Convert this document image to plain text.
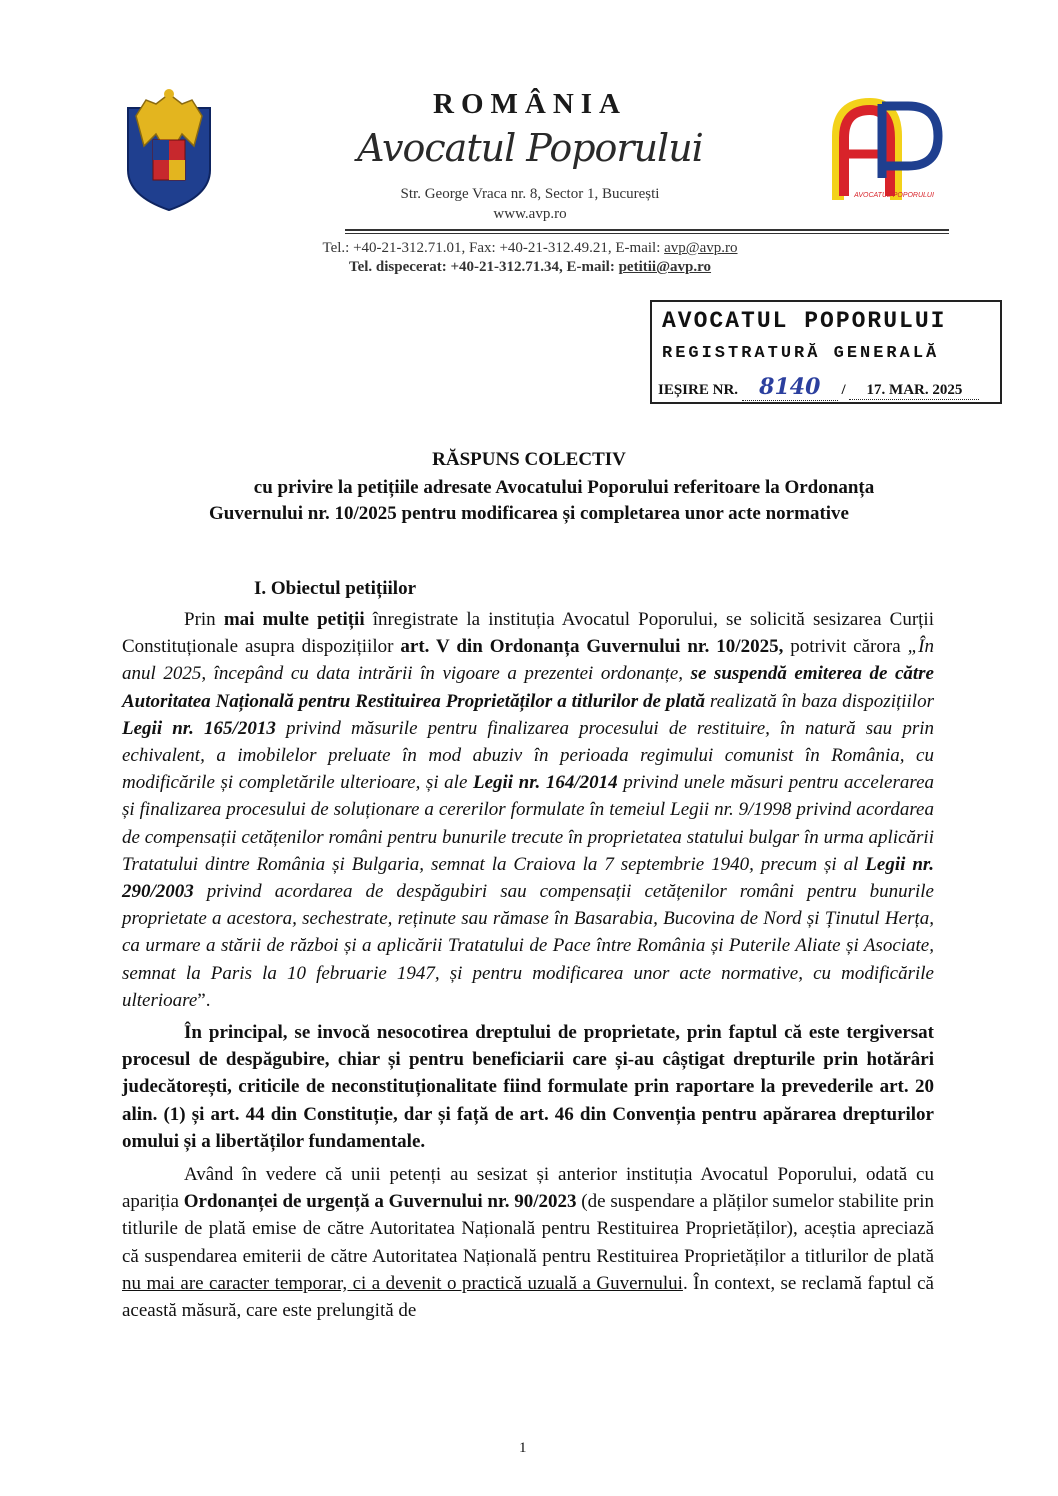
ROMÂNIA
Avocatul Poporului
Str. George Vraca nr. 8, Sector 1, București
www.avp.ro
AVOCATUL POPORULUI
Tel.: +40-21-312.71.01, Fax: +40-21-312.49.21, E-mail: avp@avp.ro
Tel. dispecerat: +40-21-312.71.34, E-mail: petitii@avp.ro
AVOCATUL POPORULUI
REGISTRATURĂ GENERALĂ
IEȘIRE NR. 8140 / 17. MAR. 2025
RĂSPUNS COLECTIV
cu privire la petițiile adresate Avocatului Poporului referitoare la Ordonanța
Guvernului nr. 10/2025 pentru modificarea și completarea unor acte normative
I. Obiectul petițiilor

Prin mai multe petiții înregistrate la instituția Avocatul Poporului, se solicită sesizarea Curții Constituționale asupra dispozițiilor art. V din Ordonanța Guvernului nr. 10/2025, potrivit cărora „În anul 2025, începând cu data intrării în vigoare a prezentei ordonanțe, se suspendă emiterea de către Autoritatea Națională pentru Restituirea Proprietăților a titlurilor de plată realizată în baza dispozițiilor Legii nr. 165/2013 privind măsurile pentru finalizarea procesului de restituire, în natură sau prin echivalent, a imobilelor preluate în mod abuziv în perioada regimului comunist în România, cu modificările și completările ulterioare, și ale Legii nr. 164/2014 privind unele măsuri pentru accelerarea și finalizarea procesului de soluționare a cererilor formulate în temeiul Legii nr. 9/1998 privind acordarea de compensații cetățenilor români pentru bunurile trecute în proprietatea statului bulgar în urma aplicării Tratatului dintre România și Bulgaria, semnat la Craiova la 7 septembrie 1940, precum și al Legii nr. 290/2003 privind acordarea de despăgubiri sau compensații cetățenilor români pentru bunurile proprietate a acestora, sechestrate, reținute sau rămase în Basarabia, Bucovina de Nord și Ținutul Herța, ca urmare a stării de război și a aplicării Tratatului de Pace între România și Puterile Aliate și Asociate, semnat la Paris la 10 februarie 1947, și pentru modificarea unor acte normative, cu modificările ulterioare”.

În principal, se invocă nesocotirea dreptului de proprietate, prin faptul că este tergiversat procesul de despăgubire, chiar și pentru beneficiarii care și-au câștigat drepturile prin hotărâri judecătorești, criticile de neconstituționalitate fiind formulate prin raportare la prevederile art. 20 alin. (1) și art. 44 din Constituție, dar și față de art. 46 din Convenția pentru apărarea drepturilor omului și a libertăților fundamentale.

Având în vedere că unii petenți au sesizat și anterior instituția Avocatul Poporului, odată cu apariția Ordonanței de urgență a Guvernului nr. 90/2023 (de suspendare a plăților sumelor stabilite prin titlurile de plată emise de către Autoritatea Națională pentru Restituirea Proprietăților), aceștia apreciază că suspendarea emiterii de către Autoritatea Națională pentru Restituirea Proprietăților a titlurilor de plată nu mai are caracter temporar, ci a devenit o practică uzuală a Guvernului. În context, se reclamă faptul că această măsură, care este prelungită de

1
